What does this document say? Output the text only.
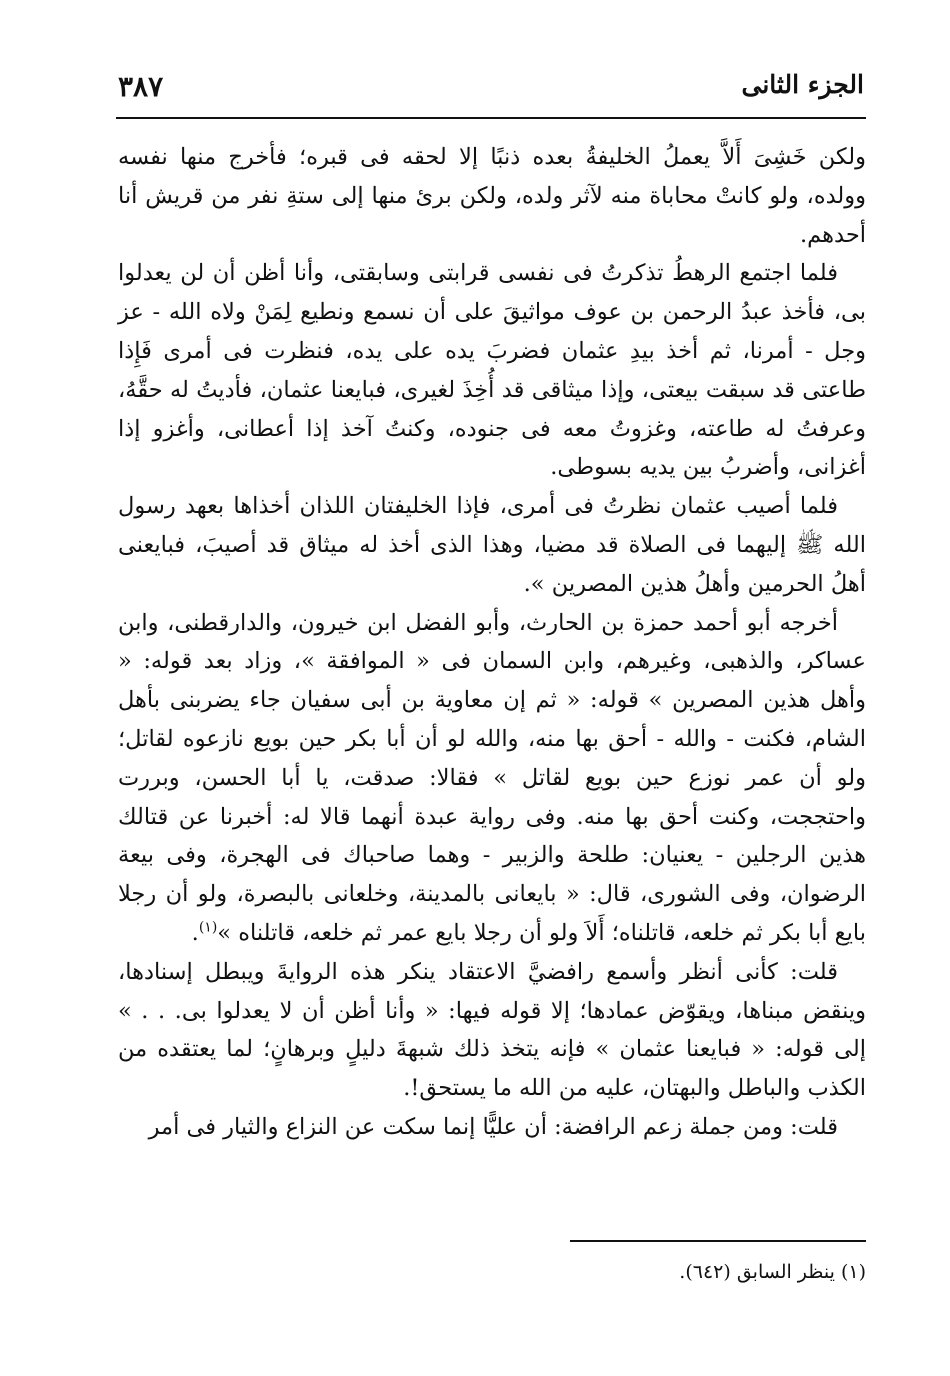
الجزء الثانى
٣٨٧

ولكن خَشِىَ أَلاَّ يعملُ الخليفةُ بعده ذنبًا إلا لحقه فى قبره؛ فأخرج منها نفسه وولده، ولو كانتْ محاباة منه لآثر ولده، ولكن برئ منها إلى ستةِ نفر من قريش أنا أحدهم.

فلما اجتمع الرهطُ تذكرتُ فى نفسى قرابتى وسابقتى، وأنا أظن أن لن يعدلوا بى، فأخذ عبدُ الرحمن بن عوف مواثيقَ على أن نسمع ونطيع لِمَنْ ولاه الله - عز وجل - أمرنا، ثم أخذ بيدِ عثمان فضربَ يده على يده، فنظرت فى أمرى فَإِذا طاعتى قد سبقت بيعتى، وإذا ميثاقى قد أُخِذَ لغيرى، فبايعنا عثمان، فأديتُ له حقَّهُ، وعرفتُ له طاعته، وغزوتُ معه فى جنوده، وكنتُ آخذ إذا أعطانى، وأغزو إذا أغزانى، وأضربُ بين يديه بسوطى.

فلما أصيب عثمان نظرتُ فى أمرى، فإذا الخليفتان اللذان أخذاها بعهد رسول الله ﷺ إليهما فى الصلاة قد مضيا، وهذا الذى أخذ له ميثاق قد أصيبَ، فبايعنى أهلُ الحرمين وأهلُ هذين المصرين ».

أخرجه أبو أحمد حمزة بن الحارث، وأبو الفضل ابن خيرون، والدارقطنى، وابن عساكر، والذهبى، وغيرهم، وابن السمان فى « الموافقة »، وزاد بعد قوله: « وأهل هذين المصرين » قوله: « ثم إن معاوية بن أبى سفيان جاء يضربنى بأهل الشام، فكنت - والله - أحق بها منه، والله لو أن أبا بكر حين بويع نازعوه لقاتل؛ ولو أن عمر نوزع حين بويع لقاتل » فقالا: صدقت، يا أبا الحسن، وبررت واحتججت، وكنت أحق بها منه. وفى رواية عبدة أنهما قالا له: أخبرنا عن قتالك هذين الرجلين - يعنيان: طلحة والزبير - وهما صاحباك فى الهجرة، وفى بيعة الرضوان، وفى الشورى، قال: « بايعانى بالمدينة، وخلعانى بالبصرة، ولو أن رجلا بايع أبا بكر ثم خلعه، قاتلناه؛ أَلاَ ولو أن رجلا بايع عمر ثم خلعه، قاتلناه »$^{(١)}$.

قلت: كأنى أنظر وأسمع رافضيَّ الاعتقاد ينكر هذه الروايةَ ويبطل إسنادها، وينقض مبناها، ويقوّض عمادها؛ إلا قوله فيها: « وأنا أظن أن لا يعدلوا بى. . . » إلى قوله: « فبايعنا عثمان » فإنه يتخذ ذلك شبهةَ دليلٍ وبرهانٍ؛ لما يعتقده من الكذب والباطل والبهتان، عليه من الله ما يستحق!.

قلت: ومن جملة زعم الرافضة: أن عليًّا إنما سكت عن النزاع والثيار فى أمر

(١) ينظر السابق (٦٤٢).
